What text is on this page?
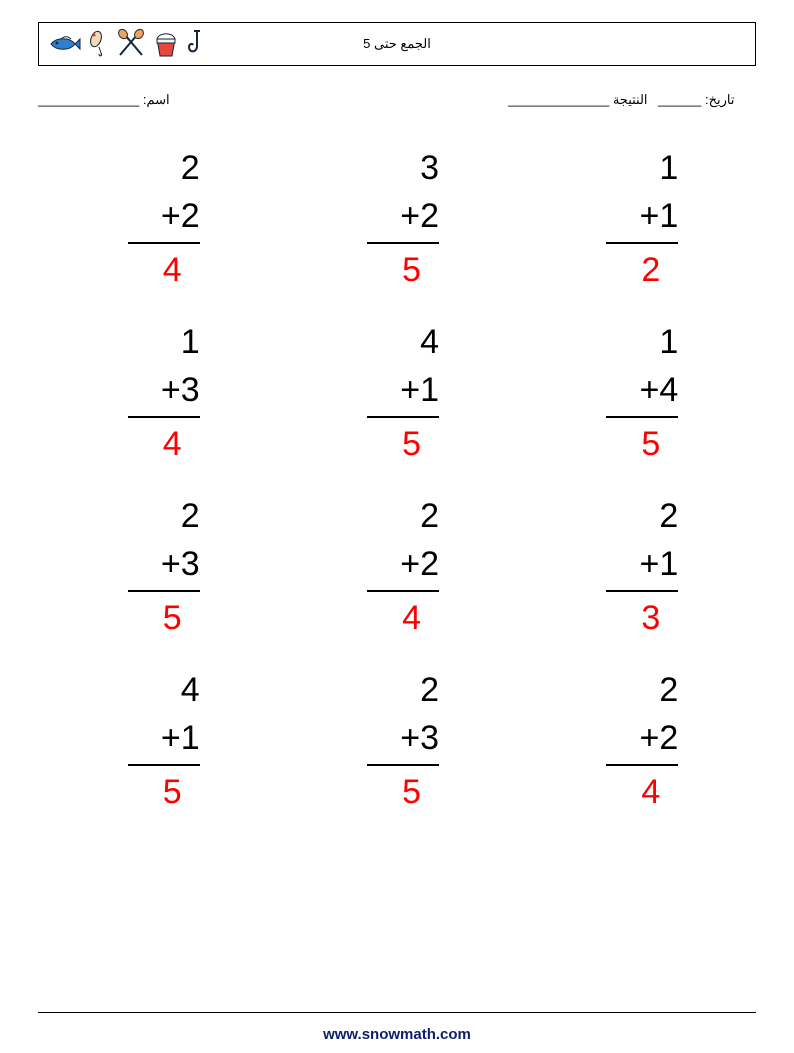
الجمع حتى 5
اسم: ______________	النتيجة ______________ تاريخ: ______
2
+2
4
3
+2
5
1
+1
2
1
+3
4
4
+1
5
1
+4
5
2
+3
5
2
+2
4
2
+1
3
4
+1
5
2
+3
5
2
+2
4
www.snowmath.com
